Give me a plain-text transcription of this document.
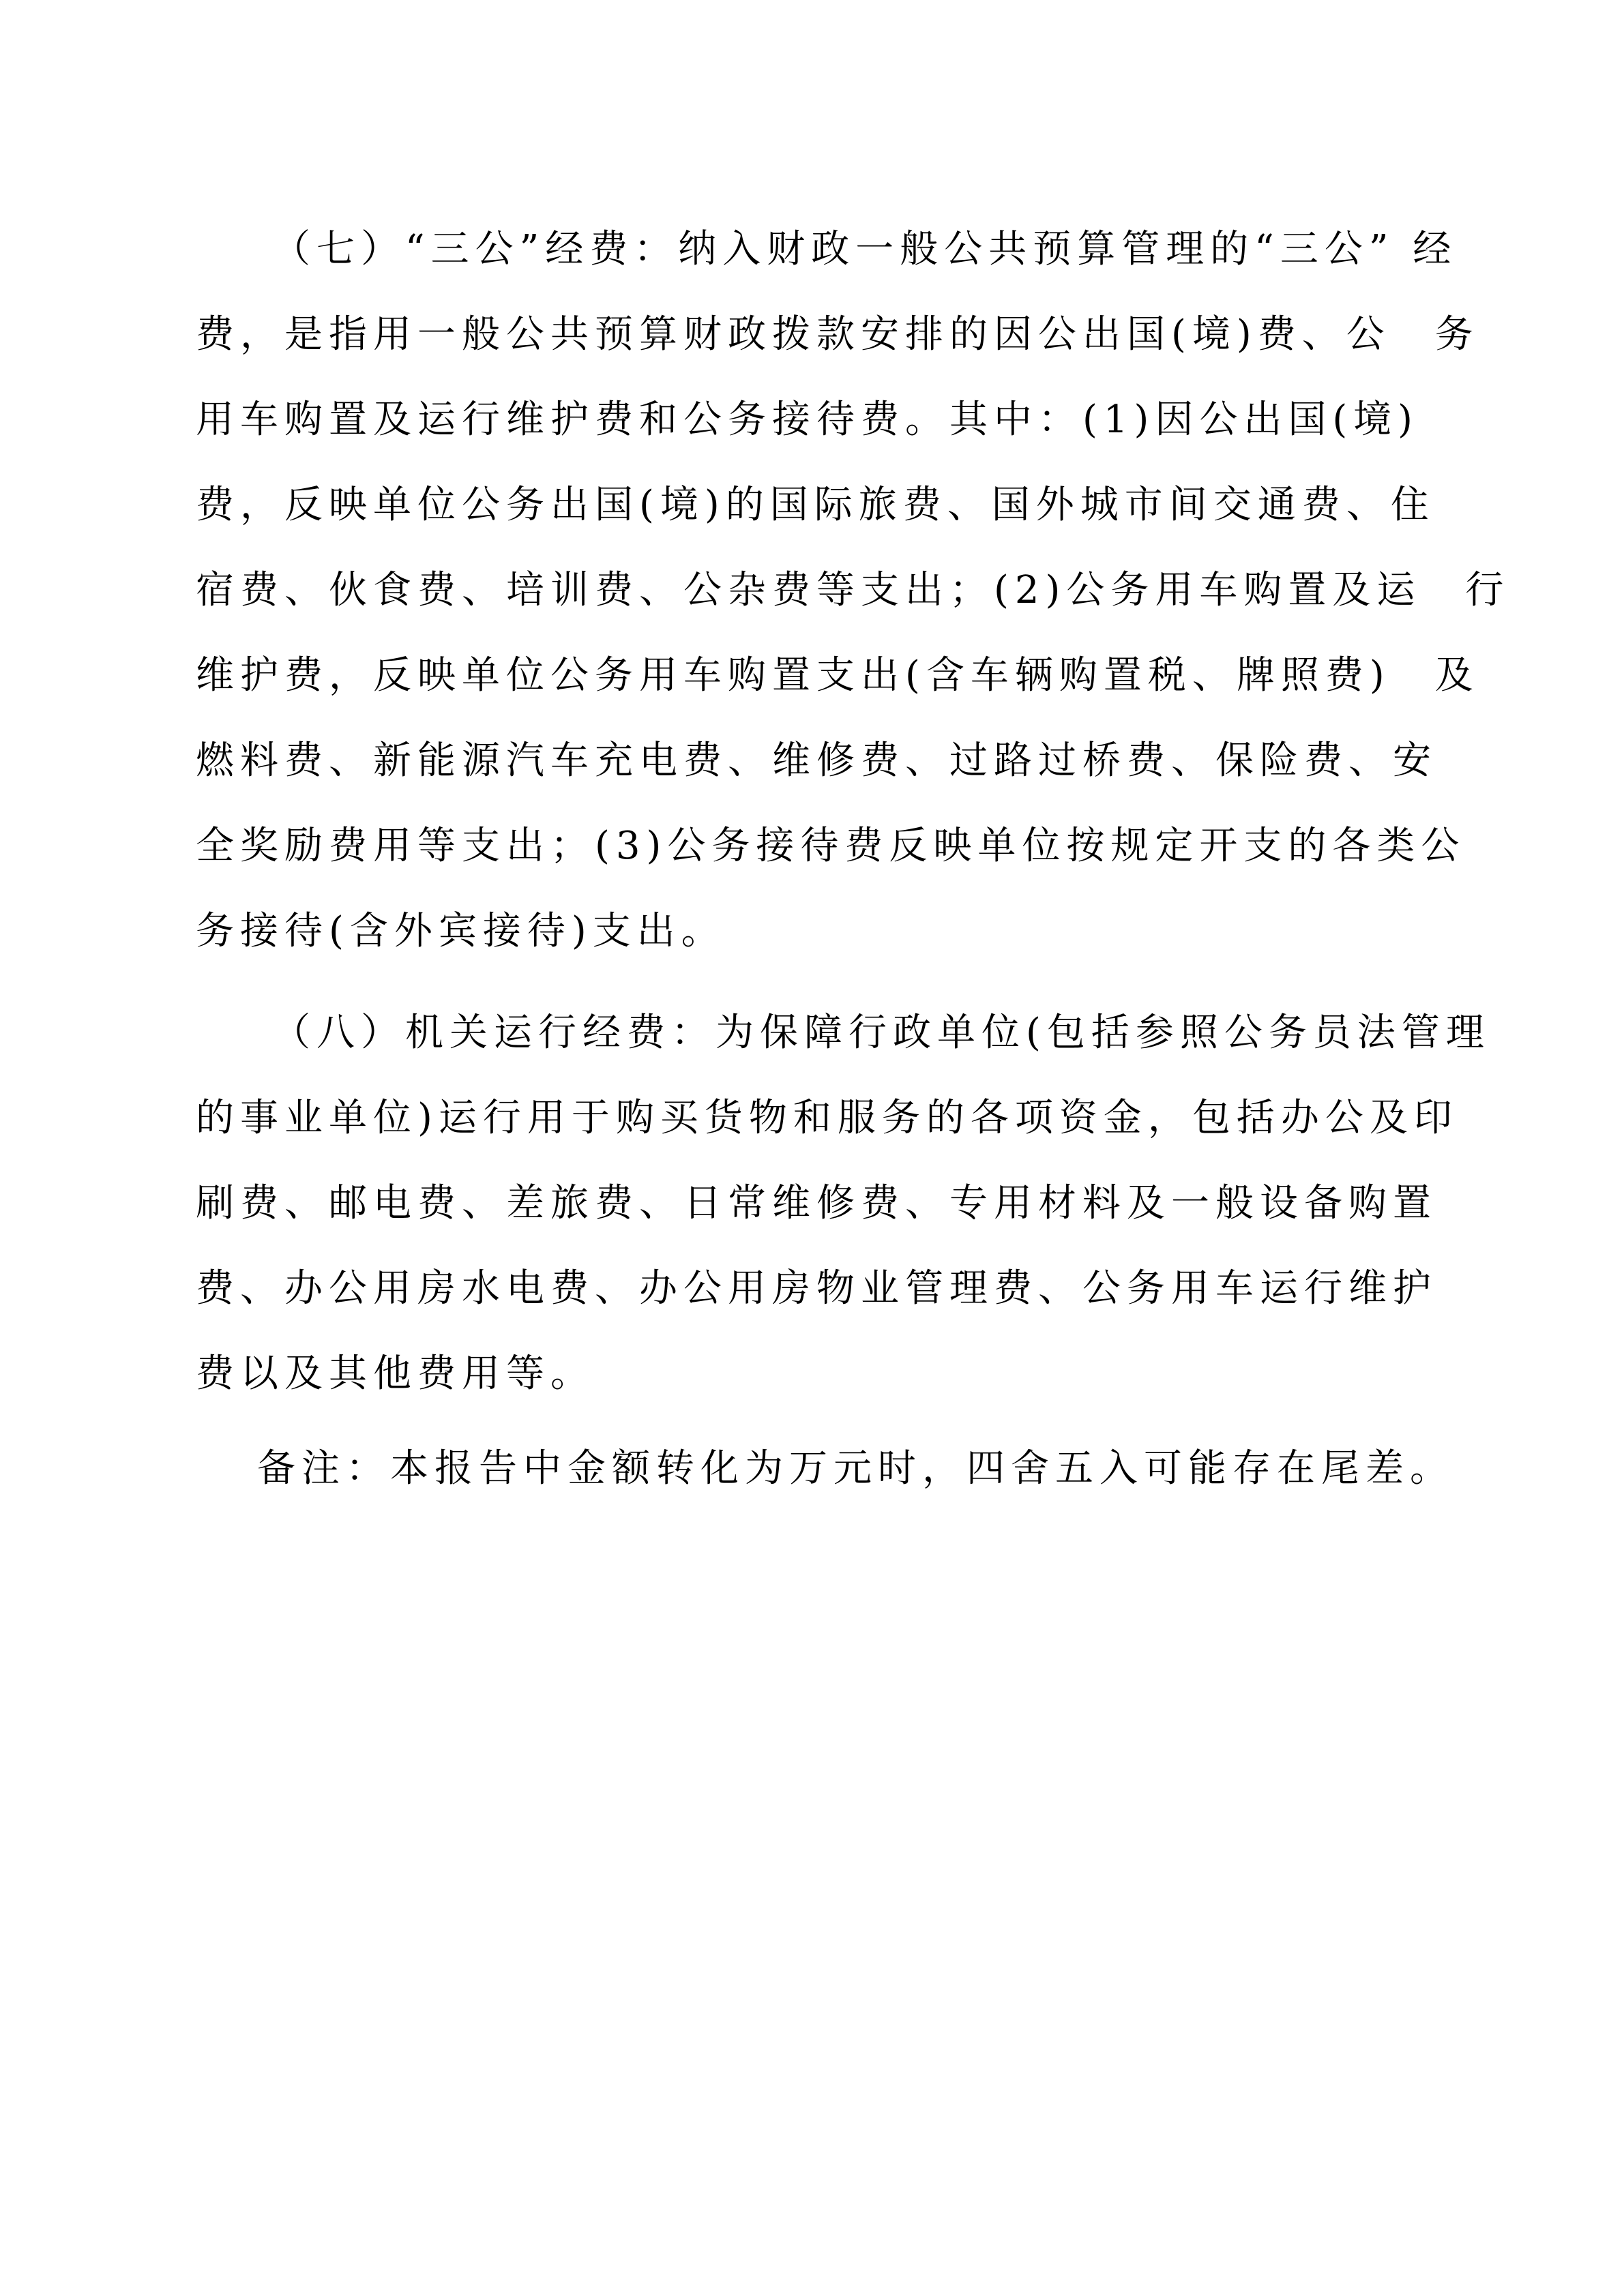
（七）“三公”经费：纳入财政一般公共预算管理的“三公” 经
费，是指用一般公共预算财政拨款安排的因公出国(境)费、公　务
用车购置及运行维护费和公务接待费。其中：(1)因公出国(境)
费，反映单位公务出国(境)的国际旅费、国外城市间交通费、住
宿费、伙食费、培训费、公杂费等支出；(2)公务用车购置及运　行
维护费，反映单位公务用车购置支出(含车辆购置税、牌照费)　及
燃料费、新能源汽车充电费、维修费、过路过桥费、保险费、安
全奖励费用等支出；(3)公务接待费反映单位按规定开支的各类公
务接待(含外宾接待)支出。
（八）机关运行经费：为保障行政单位(包括参照公务员法管理
的事业单位)运行用于购买货物和服务的各项资金，包括办公及印
刷费、邮电费、差旅费、日常维修费、专用材料及一般设备购置
费、办公用房水电费、办公用房物业管理费、公务用车运行维护
费以及其他费用等。
备注：本报告中金额转化为万元时，四舍五入可能存在尾差。
